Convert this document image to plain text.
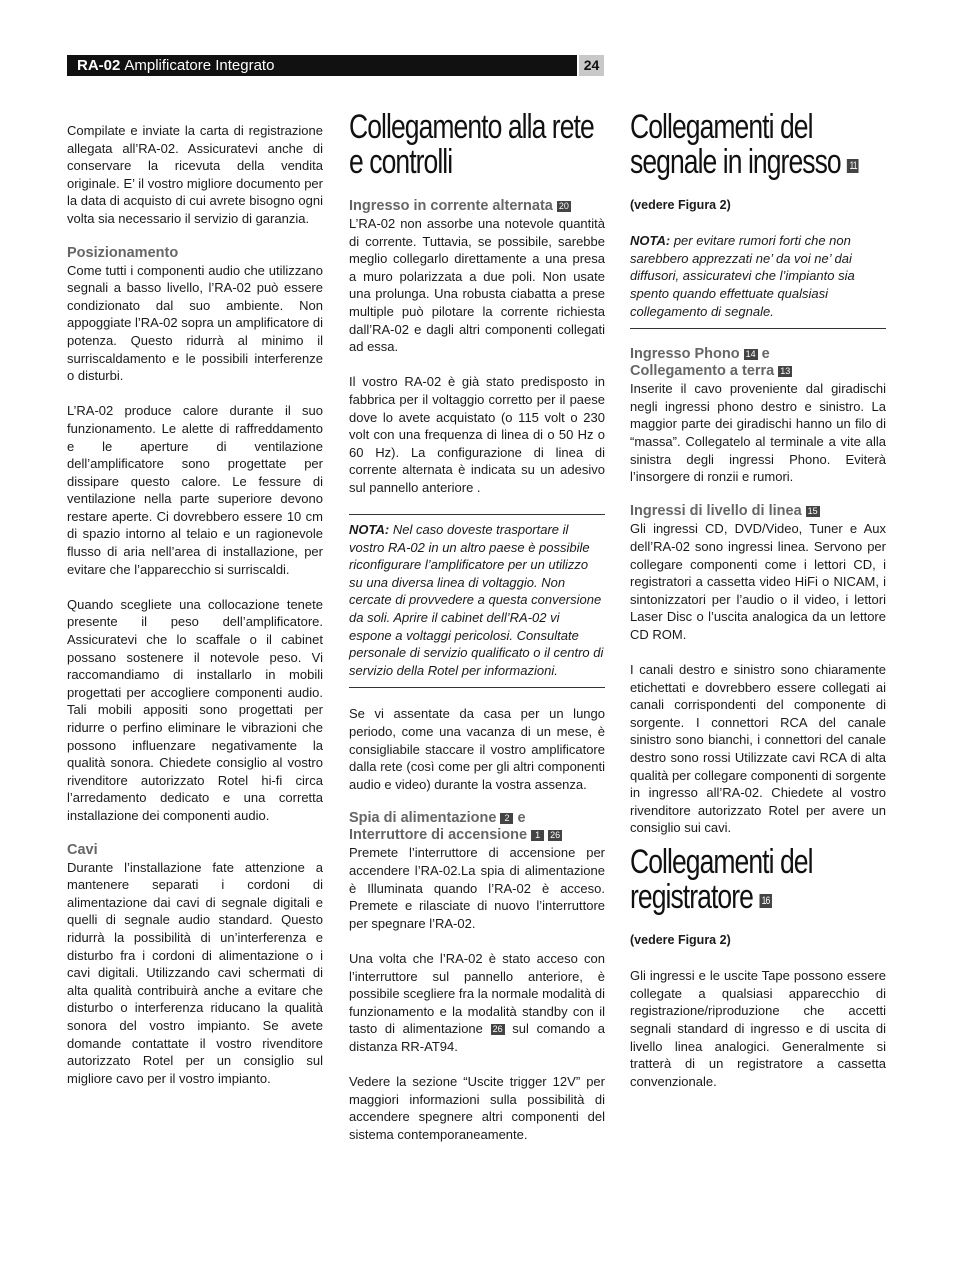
RA-02 Amplificatore Integrato	24

Compilate e inviate la carta di registrazione allegata all’RA-02. Assicuratevi anche di conservare la ricevuta della vendita originale. E’ il vostro migliore documento per la data di acquisto di cui avrete bisogno ogni volta sia necessario il servizio di garanzia.

Posizionamento

Come tutti i componenti audio che utilizzano segnali a basso livello, l’RA-02 può essere condizionato dal suo ambiente. Non appoggiate l’RA-02 sopra un amplificatore di potenza. Questo ridurrà al minimo il surriscaldamento e le possibili interferenze o disturbi.

L’RA-02 produce calore durante il suo funzionamento. Le alette di raffreddamento e le aperture di ventilazione dell’amplificatore sono progettate per dissipare questo calore. Le fessure di ventilazione nella parte superiore devono restare aperte. Ci dovrebbero essere 10 cm di spazio intorno al telaio e un ragionevole flusso di aria nell’area di installazione, per evitare che l’apparecchio si surriscaldi.

Quando scegliete una collocazione tenete presente il peso dell’amplificatore. Assicuratevi che lo scaffale o il cabinet possano sostenere il notevole peso. Vi raccomandiamo di installarlo in mobili progettati per accogliere componenti audio. Tali mobili appositi sono progettati per ridurre o perfino eliminare le vibrazioni che possono influenzare negativamente la qualità sonora. Chiedete consiglio al vostro rivenditore autorizzato Rotel hi-fi circa l’arredamento dedicato e una corretta installazione dei componenti audio.

Cavi

Durante l’installazione fate attenzione a mantenere separati i cordoni di alimentazione dai cavi di segnale digitali e quelli di segnale audio standard. Questo ridurrà la possibilità di un’interferenza e disturbo fra i cordoni di alimentazione o i cavi digitali. Utilizzando cavi schermati di alta qualità contribuirà anche a evitare che disturbo o interferenza riducano la qualità sonora del vostro impianto. Se avete domande contattate il vostro rivenditore autorizzato Rotel per un consiglio sul migliore cavo per il vostro impianto.

Collegamento alla rete e controlli
Ingresso in corrente alternata 20

L’RA-02 non assorbe una notevole quantità di corrente. Tuttavia, se possibile, sarebbe meglio collegarlo direttamente a una presa a muro polarizzata a due poli. Non usate una prolunga. Una robusta ciabatta a prese multiple può pilotare la corrente richiesta dall’RA-02 e dagli altri componenti collegati ad essa.

Il vostro RA-02 è già stato predisposto in fabbrica per il voltaggio corretto per il paese dove lo avete acquistato (o 115 volt o 230 volt con una frequenza di linea di o 50 Hz o 60 Hz). La configurazione di linea di corrente alternata è indicata su un adesivo sul pannello anteriore .

NOTA: Nel caso doveste trasportare il vostro RA-02 in un altro paese è possibile riconfigurare l’amplificatore per un utilizzo su una diversa linea di voltaggio. Non cercate di provvedere a questa conversione da soli. Aprire il cabinet dell’RA-02 vi espone a voltaggi pericolosi. Consultate personale di servizio qualificato o il centro di servizio della Rotel per informazioni.

Se vi assentate da casa per un lungo periodo, come una vacanza di un mese, è consigliabile staccare il vostro amplificatore dalla rete (così come per gli altri componenti audio e video) durante la vostra assenza.

Spia di alimentazione 2 e
Interruttore di accensione 1 26

Premete l’interruttore di accensione per accendere l’RA-02.La spia di alimentazione è Illuminata quando l’RA-02 è acceso. Premete e rilasciate di nuovo l’interruttore per spegnare l’RA-02.

Una volta che l’RA-02 è stato acceso con l’interruttore sul pannello anteriore, è possibile scegliere fra la normale modalità di funzionamento e la modalità standby con il tasto di alimentazione 26 sul comando a distanza RR-AT94.

Vedere la sezione “Uscite trigger 12V” per maggiori informazioni sulla possibilità di accendere spegnere altri componenti del sistema contemporaneamente.

Collegamenti del segnale in ingresso 11

(vedere Figura 2)

NOTA: per evitare rumori forti che non sarebbero apprezzati ne’ da voi ne’ dai diffusori, assicuratevi che l’impianto sia spento quando effettuate qualsiasi collegamento di segnale.
Ingresso Phono 14 e
Collegamento a terra 13

Inserite il cavo proveniente dal giradischi negli ingressi phono destro e sinistro. La maggior parte dei giradischi hanno un filo di “massa”. Collegatelo al terminale a vite alla sinistra degli ingressi Phono. Eviterà l’insorgere di ronzii e rumori.

Ingressi di livello di linea 15

Gli ingressi CD, DVD/Video, Tuner e Aux dell’RA-02 sono ingressi linea. Servono per collegare componenti come i lettori CD, i registratori a cassetta video HiFi o NICAM, i sintonizzatori per l’audio o il video, i lettori Laser Disc o l’uscita analogica da un lettore CD ROM.

I canali destro e sinistro sono chiaramente etichettati e dovrebbero essere collegati ai canali corrispondenti del componente di sorgente. I connettori RCA del canale sinistro sono bianchi, i connettori del canale destro sono rossi Utilizzate cavi RCA di alta qualità per collegare componenti di sorgente in ingresso all’RA-02. Chiedete al vostro rivenditore autorizzato Rotel per avere un consiglio sui cavi.

Collegamenti del registratore 16

(vedere Figura 2)

Gli ingressi e le uscite Tape possono essere collegate a qualsiasi apparecchio di registrazione/riproduzione che accetti segnali standard di ingresso e di uscita di livello linea analogici. Generalmente si tratterà di un registratore a cassetta convenzionale.
